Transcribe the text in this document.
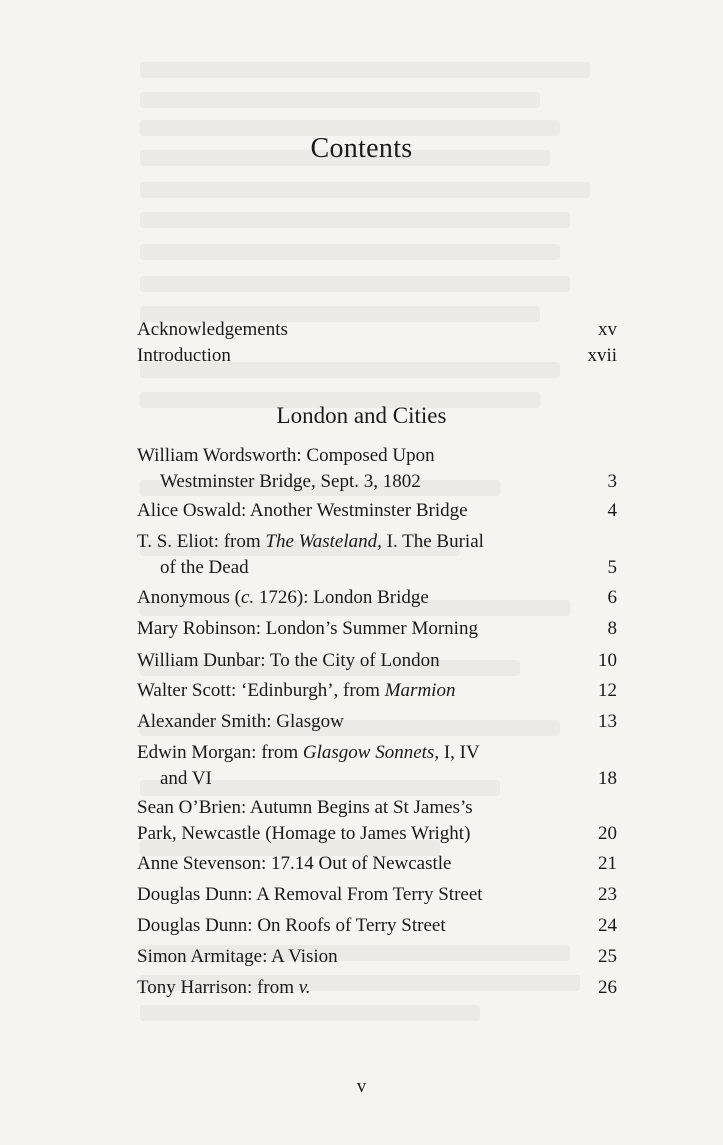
Contents
Acknowledgements	xv
Introduction	xvii
London and Cities
William Wordsworth: Composed Upon
Westminster Bridge, Sept. 3, 1802	3
Alice Oswald: Another Westminster Bridge	4
T. S. Eliot: from The Wasteland, I. The Burial
of the Dead	5
Anonymous (c. 1726): London Bridge	6
Mary Robinson: London’s Summer Morning	8
William Dunbar: To the City of London	10
Walter Scott: ‘Edinburgh’, from Marmion	12
Alexander Smith: Glasgow	13
Edwin Morgan: from Glasgow Sonnets, I, IV
and VI	18
Sean O’Brien: Autumn Begins at St James’s
Park, Newcastle (Homage to James Wright)	20
Anne Stevenson: 17.14 Out of Newcastle	21
Douglas Dunn: A Removal From Terry Street	23
Douglas Dunn: On Roofs of Terry Street	24
Simon Armitage: A Vision	25
Tony Harrison: from v.	26
v
